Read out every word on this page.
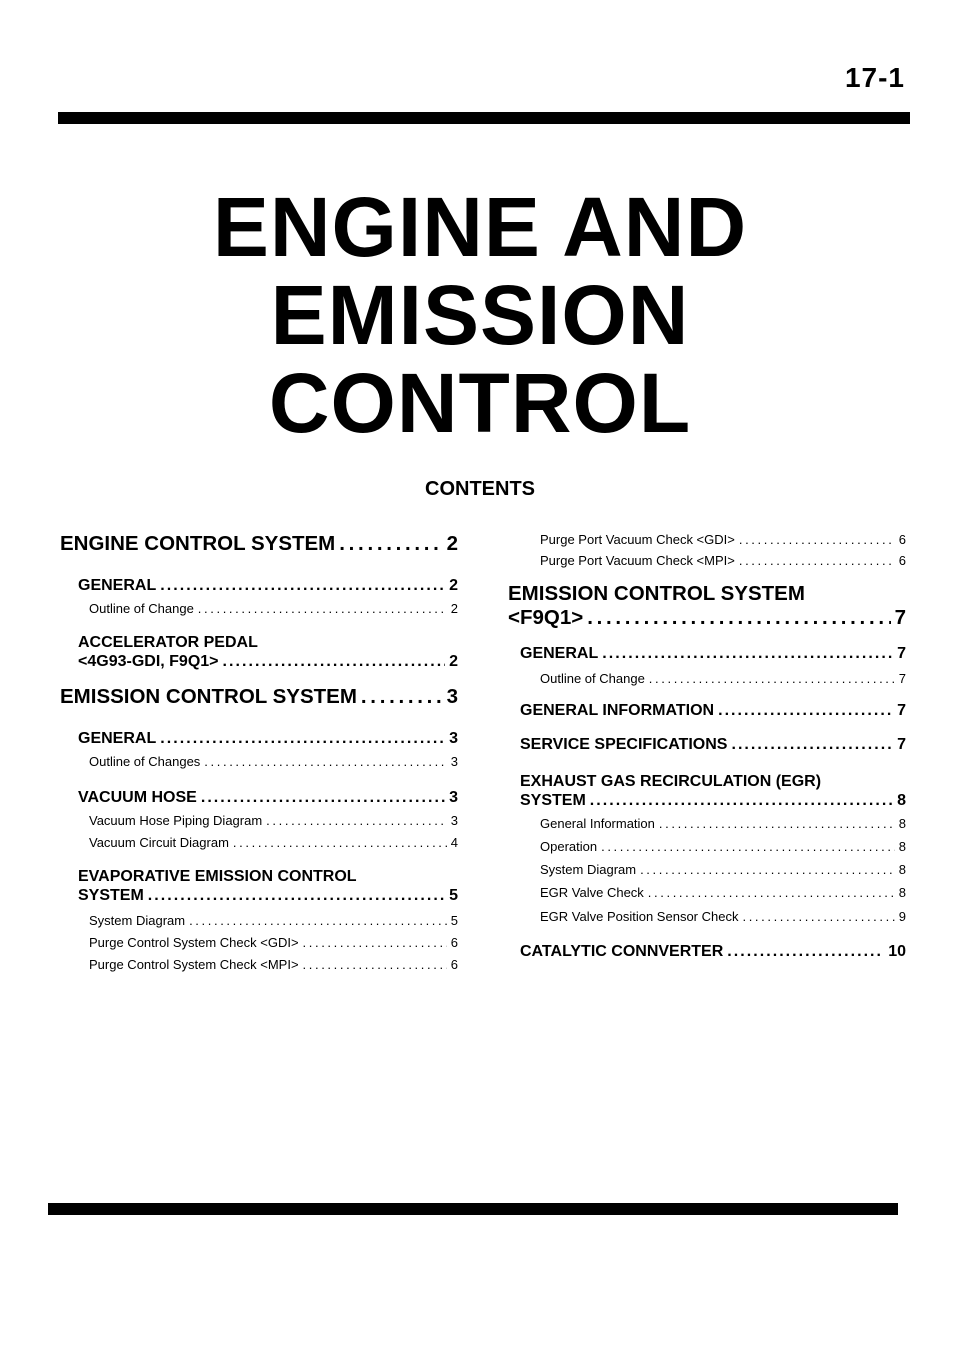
17-1
ENGINE AND
EMISSION
CONTROL
CONTENTS
ENGINE CONTROL SYSTEM . . .	2
GENERAL . . .	2
Outline of Change . . .	2
ACCELERATOR PEDAL
<4G93-GDI, F9Q1> . . .	2
EMISSION CONTROL SYSTEM . . .	3
GENERAL . . .	3
Outline of Changes . . .	3
VACUUM HOSE . . .	3
Vacuum Hose Piping Diagram . . .	3
Vacuum Circuit Diagram . . .	4
EVAPORATIVE EMISSION CONTROL
SYSTEM . . .	5
System Diagram . . .	5
Purge Control System Check <GDI> . . .	6
Purge Control System Check <MPI> . . .	6
Purge Port Vacuum Check <GDI> . . .	6
Purge Port Vacuum Check <MPI> . . .	6
EMISSION CONTROL SYSTEM
<F9Q1> . . .	7
GENERAL . . .	7
Outline of Change . . .	7
GENERAL INFORMATION . . .	7
SERVICE SPECIFICATIONS . . .	7
EXHAUST GAS RECIRCULATION (EGR)
SYSTEM . . .	8
General Information . . .	8
Operation . . .	8
System Diagram . . .	8
EGR Valve Check . . .	8
EGR Valve Position Sensor Check . . .	9
CATALYTIC CONNVERTER . . .	10
